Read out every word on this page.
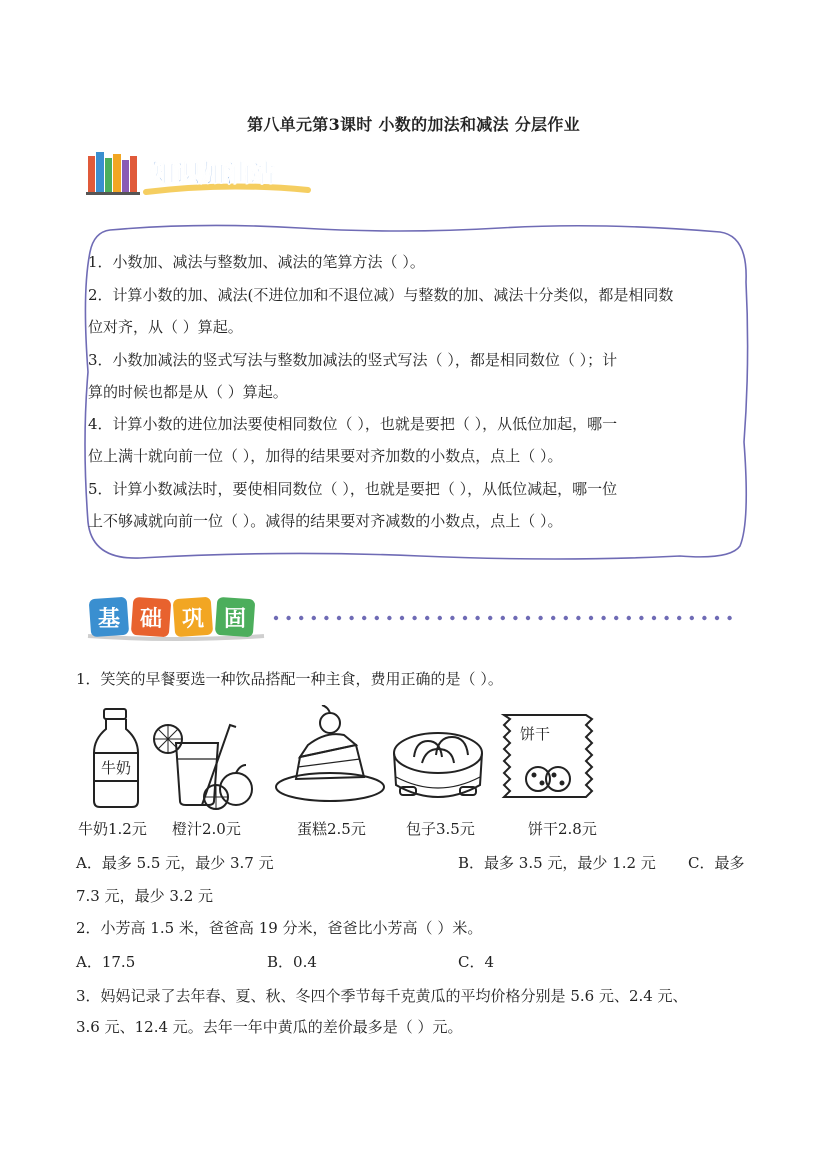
第八单元第3课时 小数的加法和减法 分层作业
知识加油站
1．小数加、减法与整数加、减法的笔算方法（ ）。
2．计算小数的加、减法(不进位加和不退位减）与整数的加、减法十分类似，都是相同数
位对齐，从（ ）算起。
3．小数加减法的竖式写法与整数加减法的竖式写法（ ），都是相同数位（ ）；计
算的时候也都是从（ ）算起。
4．计算小数的进位加法要使相同数位（ ），也就是要把（ ），从低位加起，哪一
位上满十就向前一位（ ），加得的结果要对齐加数的小数点，点上（ ）。
5．计算小数减法时，要使相同数位（ ），也就是要把（ ），从低位减起，哪一位
上不够减就向前一位（ ）。减得的结果要对齐减数的小数点，点上（ ）。
基 础 巩 固
1．笑笑的早餐要选一种饮品搭配一种主食，费用正确的是（ ）。
牛奶
饼干
牛奶1.2元 橙汁2.0元	蛋糕2.5元	包子3.5元	饼干2.8元
A．最多 5.5 元，最少 3.7 元	B．最多 3.5 元，最少 1.2 元 C．最多
7.3 元，最少 3.2 元
2．小芳高 1.5 米，爸爸高 19 分米，爸爸比小芳高（ ）米。
A．17.5	B．0.4	C．4
3．妈妈记录了去年春、夏、秋、冬四个季节每千克黄瓜的平均价格分别是 5.6 元、2.4 元、
3.6 元、12.4 元。去年一年中黄瓜的差价最多是（ ）元。
